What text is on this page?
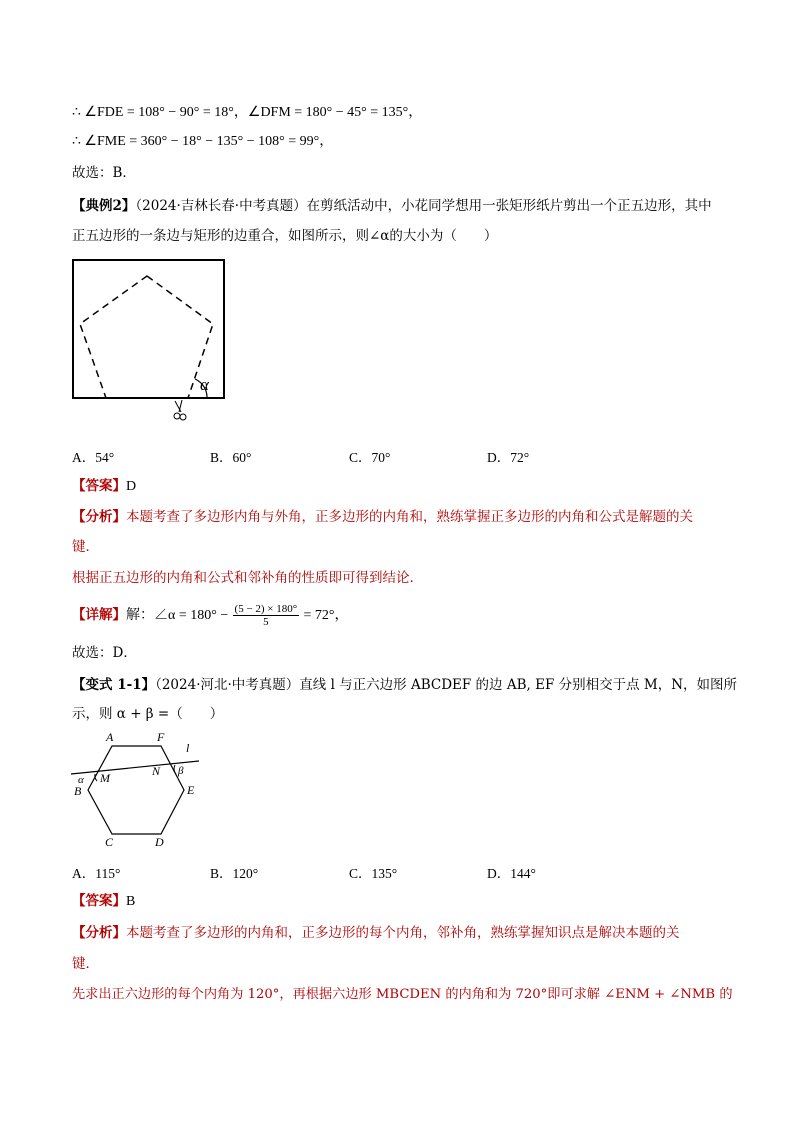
∴ ∠FDE = 108° − 90° = 18°，∠DFM = 180° − 45° = 135°，
∴ ∠FME = 360° − 18° − 135° − 108° = 99°，
故选：B．
【典例2】（2024·吉林长春·中考真题）在剪纸活动中，小花同学想用一张矩形纸片剪出一个正五边形，其中
正五边形的一条边与矩形的边重合，如图所示，则∠α的大小为（　　）
α
A．54°	B．60°	C．70°	D．72°
【答案】D
【分析】本题考查了多边形内角与外角，正多边形的内角和，熟练掌握正多边形的内角和公式是解题的关
键．
根据正五边形的内角和公式和邻补角的性质即可得到结论．
【详解】解：∠α = $180^\circ - \frac{(5 - 2) \times 180^\circ}{5} = 72^\circ$，
故选：D．
【变式 1-1】（2024·河北·中考真题）直线 l 与正六边形 ABCDEF 的边 AB, EF 分别相交于点 M，N，如图所
示，则 α + β =（　　）
A	F
l
M	N
α
β
B	E
C	D
A．115°	B．120°	C．135°	D．144°
【答案】B
【分析】本题考查了多边形的内角和，正多边形的每个内角，邻补角，熟练掌握知识点是解决本题的关
键．
先求出正六边形的每个内角为 120°，再根据六边形 MBCDEN 的内角和为 720°即可求解 ∠ENM + ∠NMB 的
